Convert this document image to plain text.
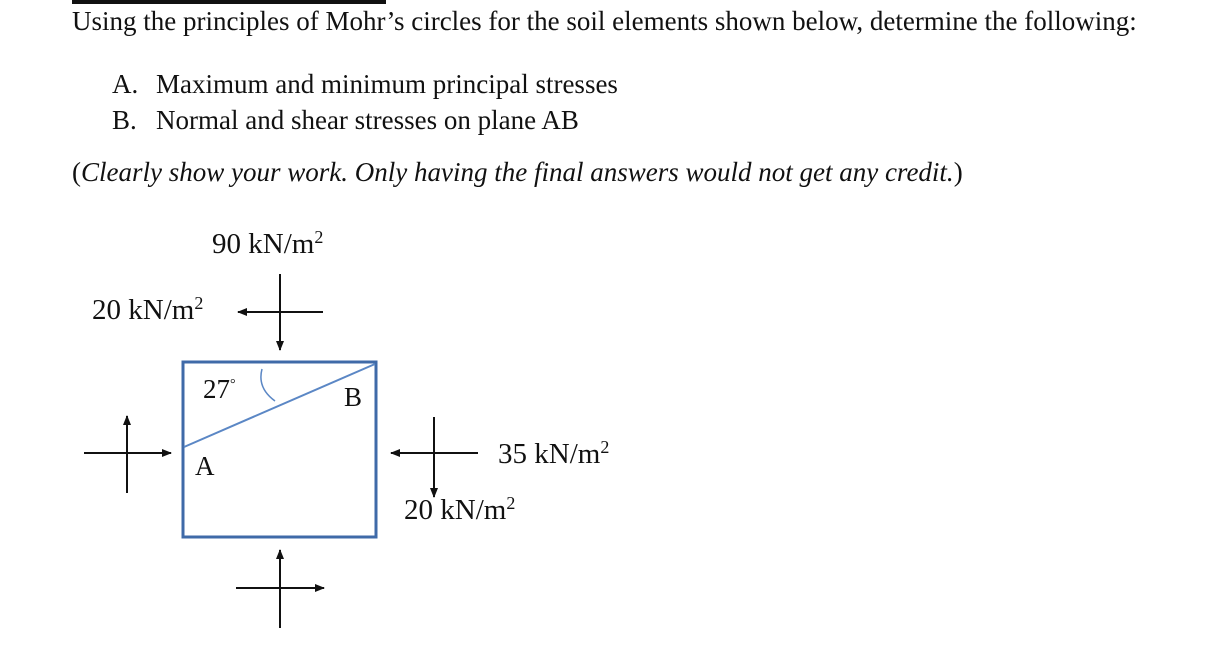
Using the principles of Mohr’s circles for the soil elements shown below, determine the following:
A. Maximum and minimum principal stresses
B. Normal and shear stresses on plane AB
(Clearly show your work. Only having the final answers would not get any credit.)
90 $kN/m^2$
20 $kN/m^2$
35 $kN/m^2$
20 $kN/m^2$
27°	B
A
